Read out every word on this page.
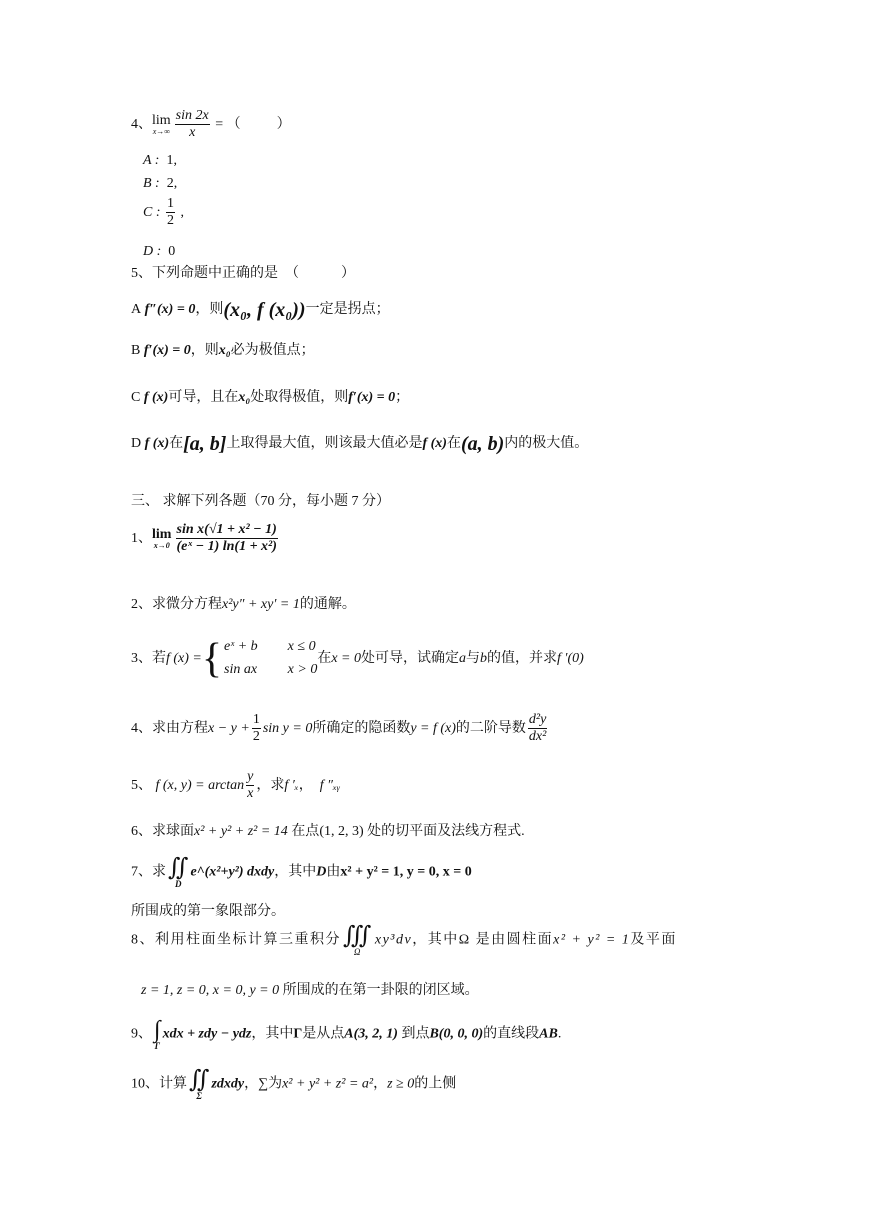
4、 lim
$x\to\infty \frac{\sin 2x}{x}$ = （	）
A : 1,
B : 2,
C : $\frac{1}{2}$ ,
D : 0
5、下列命题中正确的是　（　　　）
A f″(x) = 0，则(x₀, f (x₀))一定是拐点；
B f′(x) = 0，则x₀必为极值点；
C f (x)可导，且在x₀处取得极值，则f′(x) = 0；
D f (x)在[a, b]上取得最大值，则该最大值必是f (x)在(a, b)内的极大值。
三、 求解下列各题（70 分，每小题 7 分）
1、 lim
$x\to 0 \frac{\text{sin x(√1 + x² − 1)}}{\text{(eˣ − 1) ln(1 + x²)}}$
2、求微分方程x²y″ + xy′ = 1的通解。
3、若f (x) = { eˣ + b x ≤ 0
sin ax x > 0
在x = 0处可导，试确定a与b的值，并求f ′(0)
4、求由方程$x - y + \frac{1}{2}$ sin y = 0所确定的隐函数y = f (x)的二阶导数 $\frac{\text{d²y}}{\text{dx²}}$
5、 f (x, $y) = \arctan \frac{y}{x}$ ，求f ′ₓ， f ″ₓᵧ
6、求球面x² + y² + z² = 14 在点(1, 2, 3) 处的切平面及法线方程式.
7、求 ∬
D
e^(x²+y²) dxdy，其中D由x² + y² = 1, y = 0, x = 0
所围成的第一象限部分。
8、利用柱面坐标计算三重积分 ∭
Ω
xy³dv，其中Ω 是由圆柱面x² + y² = 1及平面
z = 1, z = 0, x = 0, y = 0 所围成的在第一卦限的闭区域。
9、 ∫
Γ
xdx + zdy − ydz，其中Γ是从点A(3, 2, 1) 到点B(0, 0, 0)的直线段AB.
10、计算 ∬
Σ
zdxdy，∑为x² + y² + z² = a²，z ≥ 0的上侧
